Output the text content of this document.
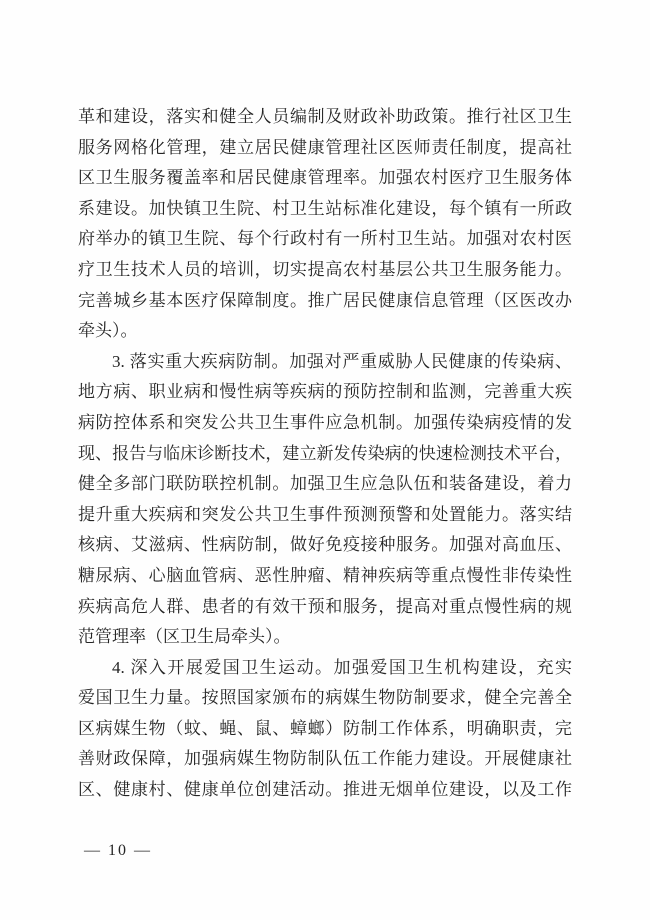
革和建设，落实和健全人员编制及财政补助政策。推行社区卫生
服务网格化管理，建立居民健康管理社区医师责任制度，提高社
区卫生服务覆盖率和居民健康管理率。加强农村医疗卫生服务体
系建设。加快镇卫生院、村卫生站标准化建设，每个镇有一所政
府举办的镇卫生院、每个行政村有一所村卫生站。加强对农村医
疗卫生技术人员的培训，切实提高农村基层公共卫生服务能力。
完善城乡基本医疗保障制度。推广居民健康信息管理（区医改办
牵头）。
3. 落实重大疾病防制。加强对严重威胁人民健康的传染病、
地方病、职业病和慢性病等疾病的预防控制和监测，完善重大疾
病防控体系和突发公共卫生事件应急机制。加强传染病疫情的发
现、报告与临床诊断技术，建立新发传染病的快速检测技术平台，
健全多部门联防联控机制。加强卫生应急队伍和装备建设，着力
提升重大疾病和突发公共卫生事件预测预警和处置能力。落实结
核病、艾滋病、性病防制，做好免疫接种服务。加强对高血压、
糖尿病、心脑血管病、恶性肿瘤、精神疾病等重点慢性非传染性
疾病高危人群、患者的有效干预和服务，提高对重点慢性病的规
范管理率（区卫生局牵头）。
4. 深入开展爱国卫生运动。加强爱国卫生机构建设，充实
爱国卫生力量。按照国家颁布的病媒生物防制要求，健全完善全
区病媒生物（蚊、蝇、鼠、蟑螂）防制工作体系，明确职责，完
善财政保障，加强病媒生物防制队伍工作能力建设。开展健康社
区、健康村、健康单位创建活动。推进无烟单位建设，以及工作
— 10 —
